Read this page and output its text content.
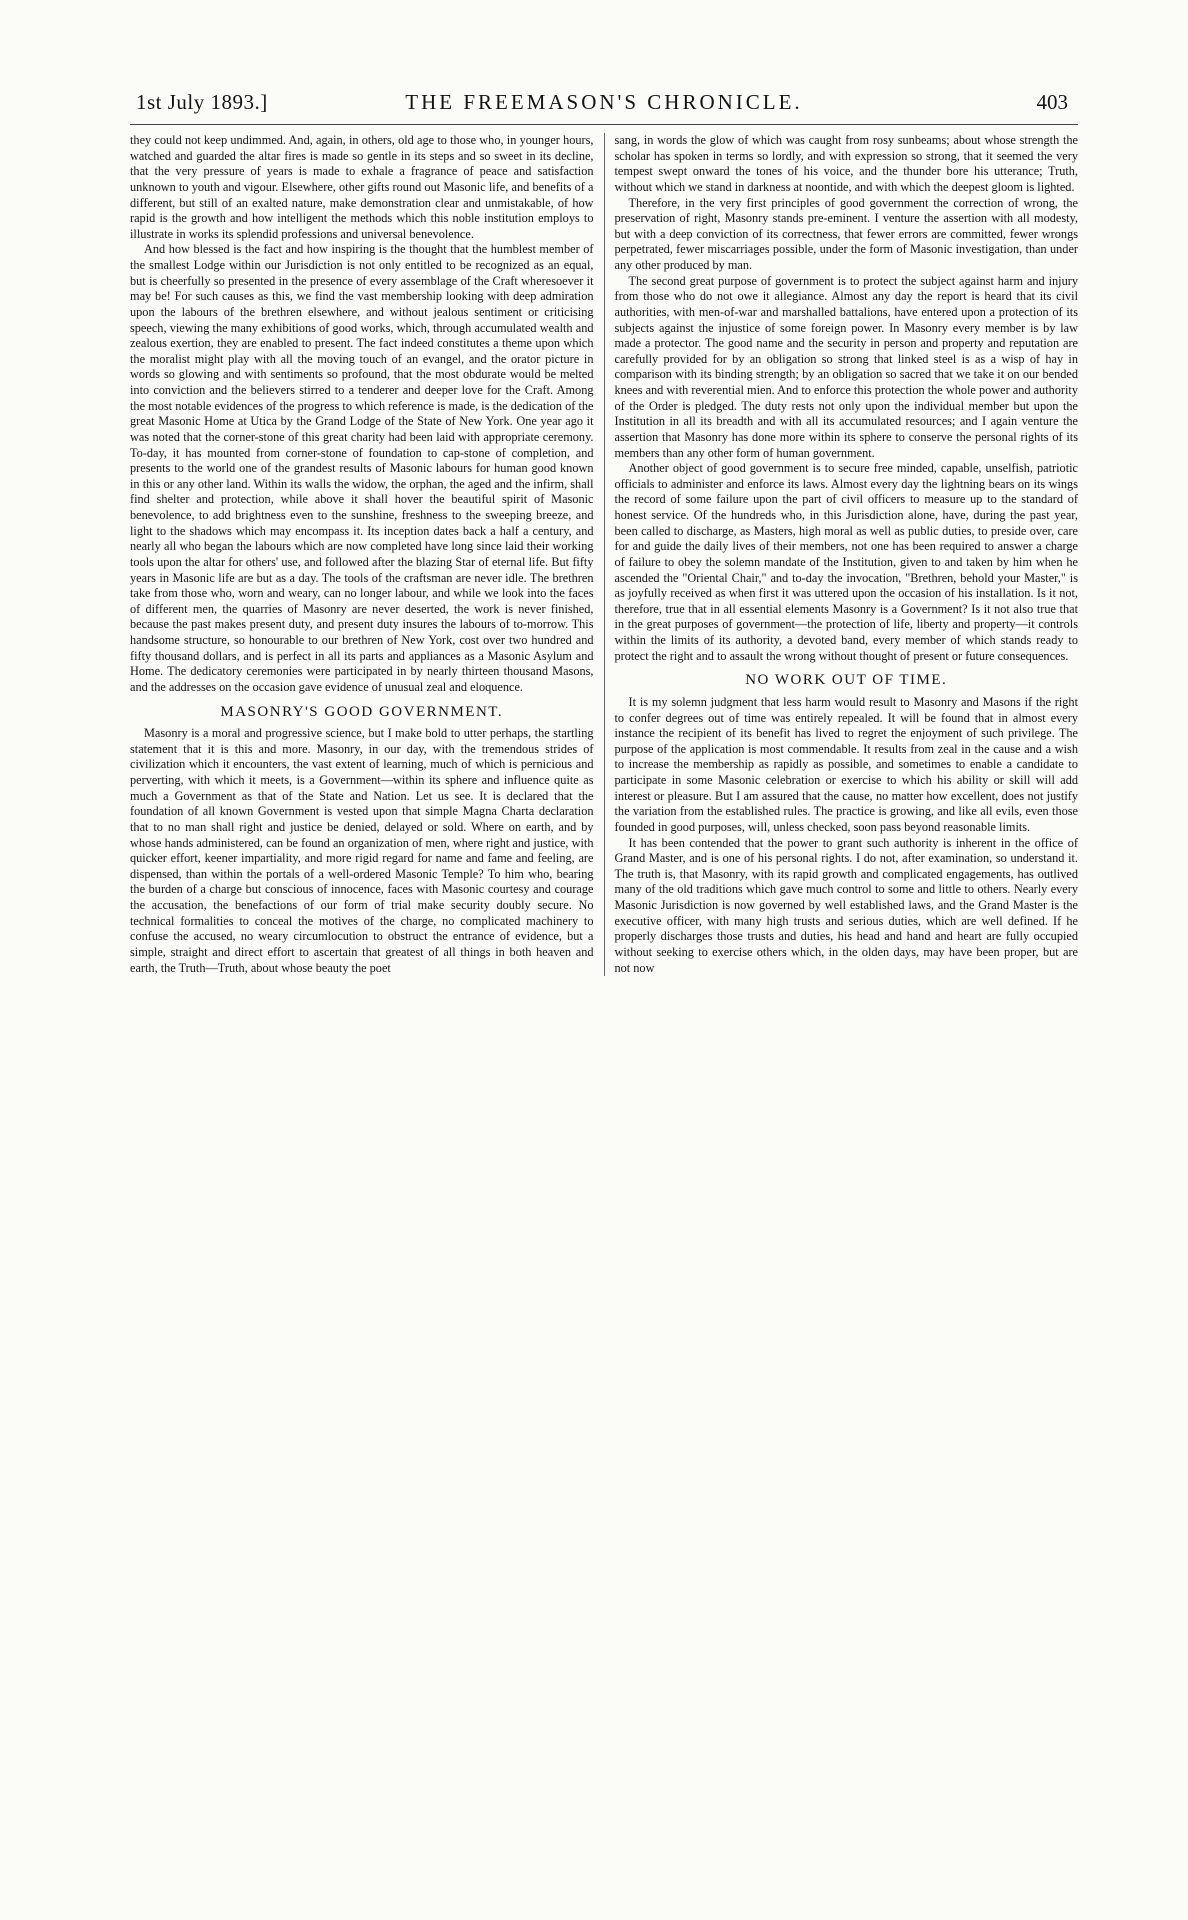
1st July 1893.]	THE FREEMASON'S CHRONICLE.	403

they could not keep undimmed. And, again, in others, old age to those who, in younger hours, watched and guarded the altar fires is made so gentle in its steps and so sweet in its decline, that the very pressure of years is made to exhale a fragrance of peace and satisfaction unknown to youth and vigour. Elsewhere, other gifts round out Masonic life, and benefits of a different, but still of an exalted nature, make demonstration clear and unmistakable, of how rapid is the growth and how intelligent the methods which this noble institution employs to illustrate in works its splendid professions and universal benevolence.

And how blessed is the fact and how inspiring is the thought that the humblest member of the smallest Lodge within our Jurisdiction is not only entitled to be recognized as an equal, but is cheerfully so presented in the presence of every assemblage of the Craft wheresoever it may be! For such causes as this, we find the vast membership looking with deep admiration upon the labours of the brethren elsewhere, and without jealous sentiment or criticising speech, viewing the many exhibitions of good works, which, through accumulated wealth and zealous exertion, they are enabled to present. The fact indeed constitutes a theme upon which the moralist might play with all the moving touch of an evangel, and the orator picture in words so glowing and with sentiments so profound, that the most obdurate would be melted into conviction and the believers stirred to a tenderer and deeper love for the Craft. Among the most notable evidences of the progress to which reference is made, is the dedication of the great Masonic Home at Utica by the Grand Lodge of the State of New York. One year ago it was noted that the corner-stone of this great charity had been laid with appropriate ceremony. To-day, it has mounted from corner-stone of foundation to cap-stone of completion, and presents to the world one of the grandest results of Masonic labours for human good known in this or any other land. Within its walls the widow, the orphan, the aged and the infirm, shall find shelter and protection, while above it shall hover the beautiful spirit of Masonic benevolence, to add brightness even to the sunshine, freshness to the sweeping breeze, and light to the shadows which may encompass it. Its inception dates back a half a century, and nearly all who began the labours which are now completed have long since laid their working tools upon the altar for others' use, and followed after the blazing Star of eternal life. But fifty years in Masonic life are but as a day. The tools of the craftsman are never idle. The brethren take from those who, worn and weary, can no longer labour, and while we look into the faces of different men, the quarries of Masonry are never deserted, the work is never finished, because the past makes present duty, and present duty insures the labours of to-morrow. This handsome structure, so honourable to our brethren of New York, cost over two hundred and fifty thousand dollars, and is perfect in all its parts and appliances as a Masonic Asylum and Home. The dedicatory ceremonies were participated in by nearly thirteen thousand Masons, and the addresses on the occasion gave evidence of unusual zeal and eloquence.

MASONRY'S GOOD GOVERNMENT.

Masonry is a moral and progressive science, but I make bold to utter perhaps, the startling statement that it is this and more. Masonry, in our day, with the tremendous strides of civilization which it encounters, the vast extent of learning, much of which is pernicious and perverting, with which it meets, is a Government—within its sphere and influence quite as much a Government as that of the State and Nation. Let us see. It is declared that the foundation of all known Government is vested upon that simple Magna Charta declaration that to no man shall right and justice be denied, delayed or sold. Where on earth, and by whose hands administered, can be found an organization of men, where right and justice, with quicker effort, keener impartiality, and more rigid regard for name and fame and feeling, are dispensed, than within the portals of a well-ordered Masonic Temple? To him who, bearing the burden of a charge but conscious of innocence, faces with Masonic courtesy and courage the accusation, the benefactions of our form of trial make security doubly secure. No technical formalities to conceal the motives of the charge, no complicated machinery to confuse the accused, no weary circumlocution to obstruct the entrance of evidence, but a simple, straight and direct effort to ascertain that greatest of all things in both heaven and earth, the Truth—Truth, about whose beauty the poet

sang, in words the glow of which was caught from rosy sunbeams; about whose strength the scholar has spoken in terms so lordly, and with expression so strong, that it seemed the very tempest swept onward the tones of his voice, and the thunder bore his utterance; Truth, without which we stand in darkness at noontide, and with which the deepest gloom is lighted.

Therefore, in the very first principles of good government the correction of wrong, the preservation of right, Masonry stands pre-eminent. I venture the assertion with all modesty, but with a deep conviction of its correctness, that fewer errors are committed, fewer wrongs perpetrated, fewer miscarriages possible, under the form of Masonic investigation, than under any other produced by man.

The second great purpose of government is to protect the subject against harm and injury from those who do not owe it allegiance. Almost any day the report is heard that its civil authorities, with men-of-war and marshalled battalions, have entered upon a protection of its subjects against the injustice of some foreign power. In Masonry every member is by law made a protector. The good name and the security in person and property and reputation are carefully provided for by an obligation so strong that linked steel is as a wisp of hay in comparison with its binding strength; by an obligation so sacred that we take it on our bended knees and with reverential mien. And to enforce this protection the whole power and authority of the Order is pledged. The duty rests not only upon the individual member but upon the Institution in all its breadth and with all its accumulated resources; and I again venture the assertion that Masonry has done more within its sphere to conserve the personal rights of its members than any other form of human government.

Another object of good government is to secure free minded, capable, unselfish, patriotic officials to administer and enforce its laws. Almost every day the lightning bears on its wings the record of some failure upon the part of civil officers to measure up to the standard of honest service. Of the hundreds who, in this Jurisdiction alone, have, during the past year, been called to discharge, as Masters, high moral as well as public duties, to preside over, care for and guide the daily lives of their members, not one has been required to answer a charge of failure to obey the solemn mandate of the Institution, given to and taken by him when he ascended the "Oriental Chair," and to-day the invocation, "Brethren, behold your Master," is as joyfully received as when first it was uttered upon the occasion of his installation. Is it not, therefore, true that in all essential elements Masonry is a Government? Is it not also true that in the great purposes of government—the protection of life, liberty and property—it controls within the limits of its authority, a devoted band, every member of which stands ready to protect the right and to assault the wrong without thought of present or future consequences.

NO WORK OUT OF TIME.

It is my solemn judgment that less harm would result to Masonry and Masons if the right to confer degrees out of time was entirely repealed. It will be found that in almost every instance the recipient of its benefit has lived to regret the enjoyment of such privilege. The purpose of the application is most commendable. It results from zeal in the cause and a wish to increase the membership as rapidly as possible, and sometimes to enable a candidate to participate in some Masonic celebration or exercise to which his ability or skill will add interest or pleasure. But I am assured that the cause, no matter how excellent, does not justify the variation from the established rules. The practice is growing, and like all evils, even those founded in good purposes, will, unless checked, soon pass beyond reasonable limits.

It has been contended that the power to grant such authority is inherent in the office of Grand Master, and is one of his personal rights. I do not, after examination, so understand it. The truth is, that Masonry, with its rapid growth and complicated engagements, has outlived many of the old traditions which gave much control to some and little to others. Nearly every Masonic Jurisdiction is now governed by well established laws, and the Grand Master is the executive officer, with many high trusts and serious duties, which are well defined. If he properly discharges those trusts and duties, his head and hand and heart are fully occupied without seeking to exercise others which, in the olden days, may have been proper, but are not now
